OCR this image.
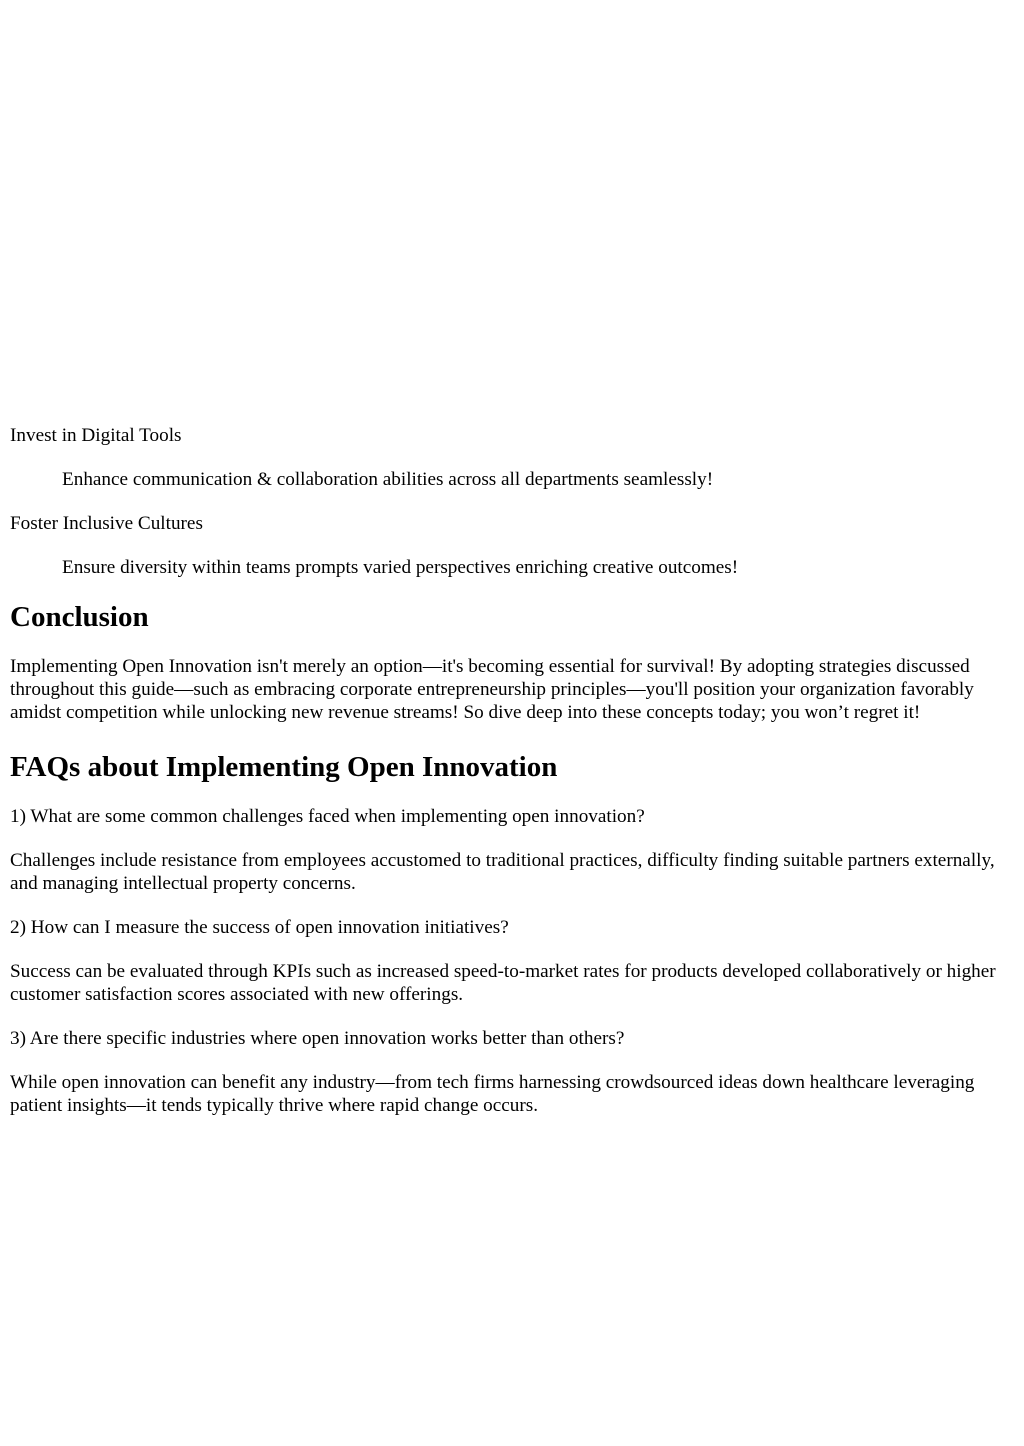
Invest in Digital Tools
Enhance communication & collaboration abilities across all departments seamlessly!
Foster Inclusive Cultures
Ensure diversity within teams prompts varied perspectives enriching creative outcomes!
Conclusion

Implementing Open Innovation isn't merely an option—it's becoming essential for survival! By adopting strategies discussed throughout this guide—such as embracing corporate entrepreneurship principles—you'll position your organization favorably amidst competition while unlocking new revenue streams! So dive deep into these concepts today; you won’t regret it!

FAQs about Implementing Open Innovation

1) What are some common challenges faced when implementing open innovation?

Challenges include resistance from employees accustomed to traditional practices, difficulty finding suitable partners externally, and managing intellectual property concerns.

2) How can I measure the success of open innovation initiatives?

Success can be evaluated through KPIs such as increased speed-to-market rates for products developed collaboratively or higher customer satisfaction scores associated with new offerings.

3) Are there specific industries where open innovation works better than others?

While open innovation can benefit any industry—from tech firms harnessing crowdsourced ideas down healthcare leveraging patient insights—it tends typically thrive where rapid change occurs.
